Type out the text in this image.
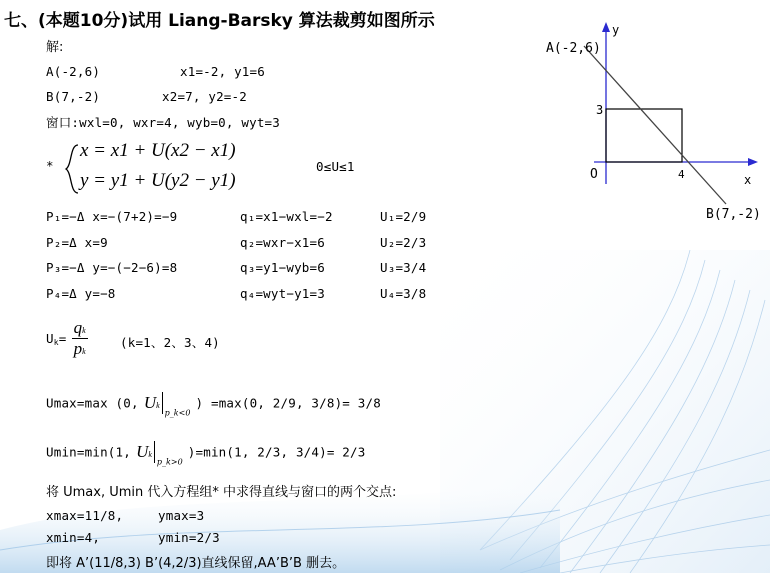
七、(本题10分)试用 Liang-Barsky 算法裁剪如图所示
解:
A(-2,6)	x1=-2, y1=6
B(7,-2)	x2=7, y2=-2
窗口:wxl=0, wxr=4, wyb=0, wyt=3
*
x = x1 + U(x2 − x1)
y = y1 + U(y2 − y1)
0≤U≤1
P₁=−Δ x=−(7+2)=−9	q₁=x1−wxl=−2	U₁=2/9
P₂=Δ x=9	q₂=wxr−x1=6	U₂=2/3
P₃=−Δ y=−(−2−6)=8	q₃=y1−wyb=6	U₃=3/4
P₄=Δ y=−8	q₄=wyt−y1=3	U₄=3/8
$U_k= \frac{qk}{pk}$	(k=1、2、3、4)
Umax=max (0, $Uk_{p\_k<0}$ ) =max(0, 2/9, 3/8)= 3/8
Umin=min(1, $Uk_{p\_k>0}$ )=min(1, 2/3, 3/4)= 2/3
将 Umax, Umin 代入方程组* 中求得直线与窗口的两个交点:
xmax=11/8,	ymax=3
xmin=4,	ymin=2/3
即将 A’(11/8,3) B’(4,2/3)直线保留,AA’B’B 删去。
y
x
O
3
4
A(-2,6)
B(7,-2)
